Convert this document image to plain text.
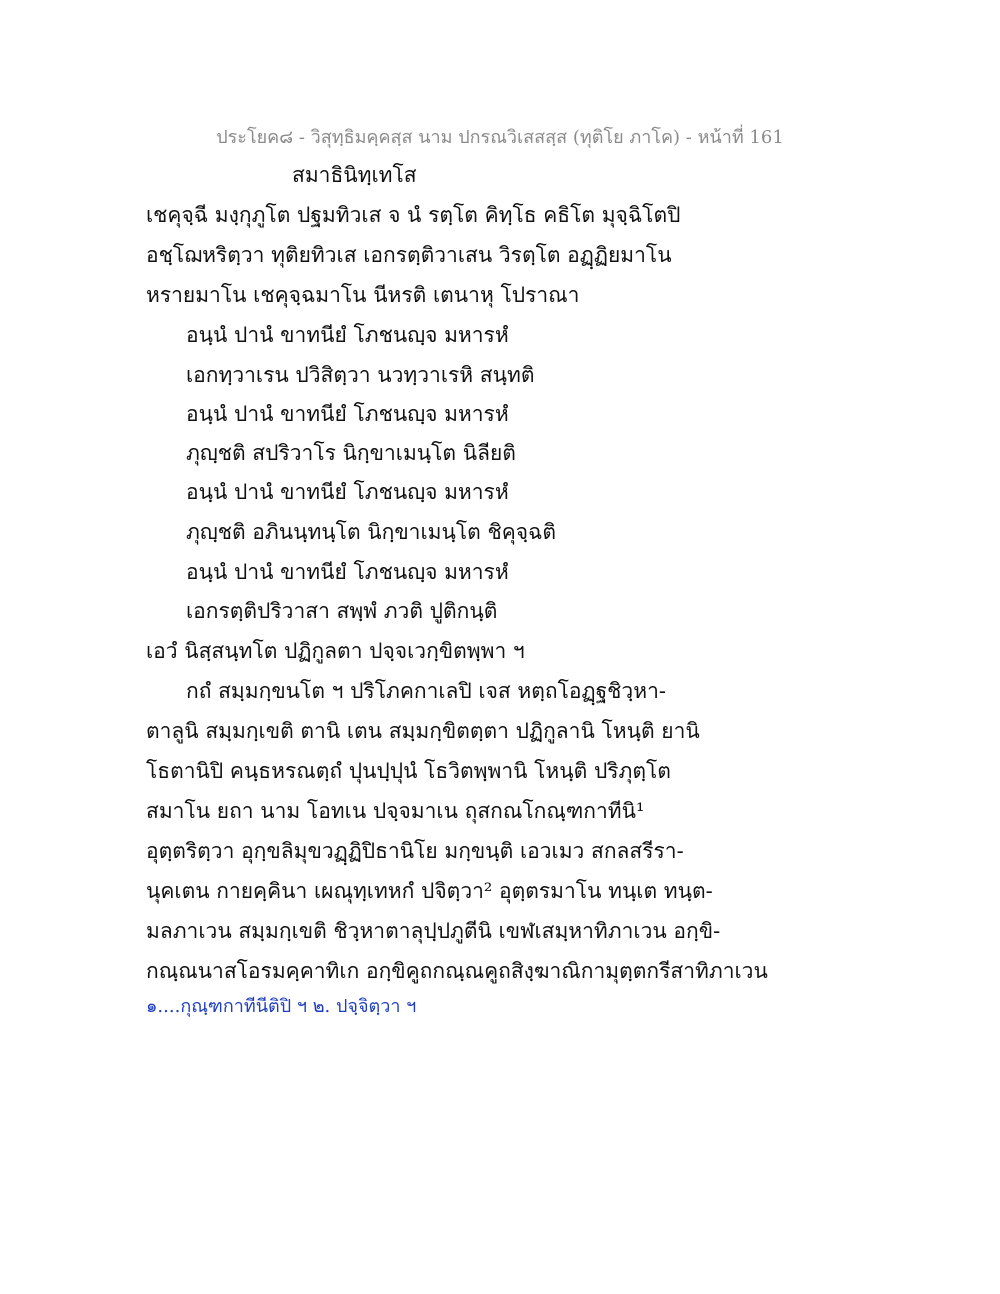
ประโยค๘ - วิสุทฺธิมคฺคสฺส นาม ปกรณวิเสสสฺส (ทุติโย ภาโค) - หน้าที่ 161
สมาธินิทฺเทโส
เชคุจฺฉี มงฺกุภูโต ปฐมทิวเส จ นํ รตฺโต คิทฺโธ คธิโต มุจฺฉิโตปิ
อชฺโฌหริตฺวา ทุติยทิวเส เอกรตฺติวาเสน วิรตฺโต อฏฺฏิยมาโน
หรายมาโน เชคุจฺฉมาโน นีหรติ เตนาหุ โปราณา
อนฺนํ ปานํ ขาทนียํ โภชนญฺจ มหารหํ
เอกทฺวาเรน ปวิสิตฺวา นวทฺวาเรหิ สนฺทติ
อนฺนํ ปานํ ขาทนียํ โภชนญฺจ มหารหํ
ภุญฺชติ สปริวาโร นิกฺขาเมนฺโต นิลียติ
อนฺนํ ปานํ ขาทนียํ โภชนญฺจ มหารหํ
ภุญฺชติ อภินนฺทนฺโต นิกฺขาเมนฺโต ชิคุจฺฉติ
อนฺนํ ปานํ ขาทนียํ โภชนญฺจ มหารหํ
เอกรตฺติปริวาสา สพฺพํ ภวติ ปูติกนฺติ
เอวํ นิสฺสนฺทโต ปฏิกูลตา ปจฺจเวกฺขิตพฺพา ฯ
กถํ สมฺมกฺขนโต ฯ ปริโภคกาเลปิ เจส หตฺถโอฏฺฐชิวฺหา-
ตาลูนิ สมฺมกฺเขติ ตานิ เตน สมฺมกฺขิตตฺตา ปฏิกูลานิ โหนฺติ ยานิ
โธตานิปิ คนฺธหรณตฺถํ ปุนปฺปุนํ โธวิตพฺพานิ โหนฺติ ปริภุตฺโต
สมาโน ยถา นาม โอทเน ปจฺจมาเน ถุสกณโกณฺฑกาทีนิ¹
อุตฺตริตฺวา อุกฺขลิมุขวฏฺฏิปิธานิโย มกฺขนฺติ เอวเมว สกลสรีรา-
นุคเตน กายคฺคินา เผณุทฺเทหกํ ปจิตฺวา² อุตฺตรมาโน ทนฺเต ทนฺต-
มลภาเวน สมฺมกฺเขติ ชิวฺหาตาลุปฺปภูตีนิ เขฬเสมฺหาทิภาเวน อกฺขิ-
กณฺณนาสโอรมคฺคาทิเก อกฺขิคูถกณฺณคูถสิงฺฆาณิกามุตฺตกรีสาทิภาเวน
๑....กุณฺฑกาทีนีติปิ ฯ ๒. ปจฺจิตฺวา ฯ
